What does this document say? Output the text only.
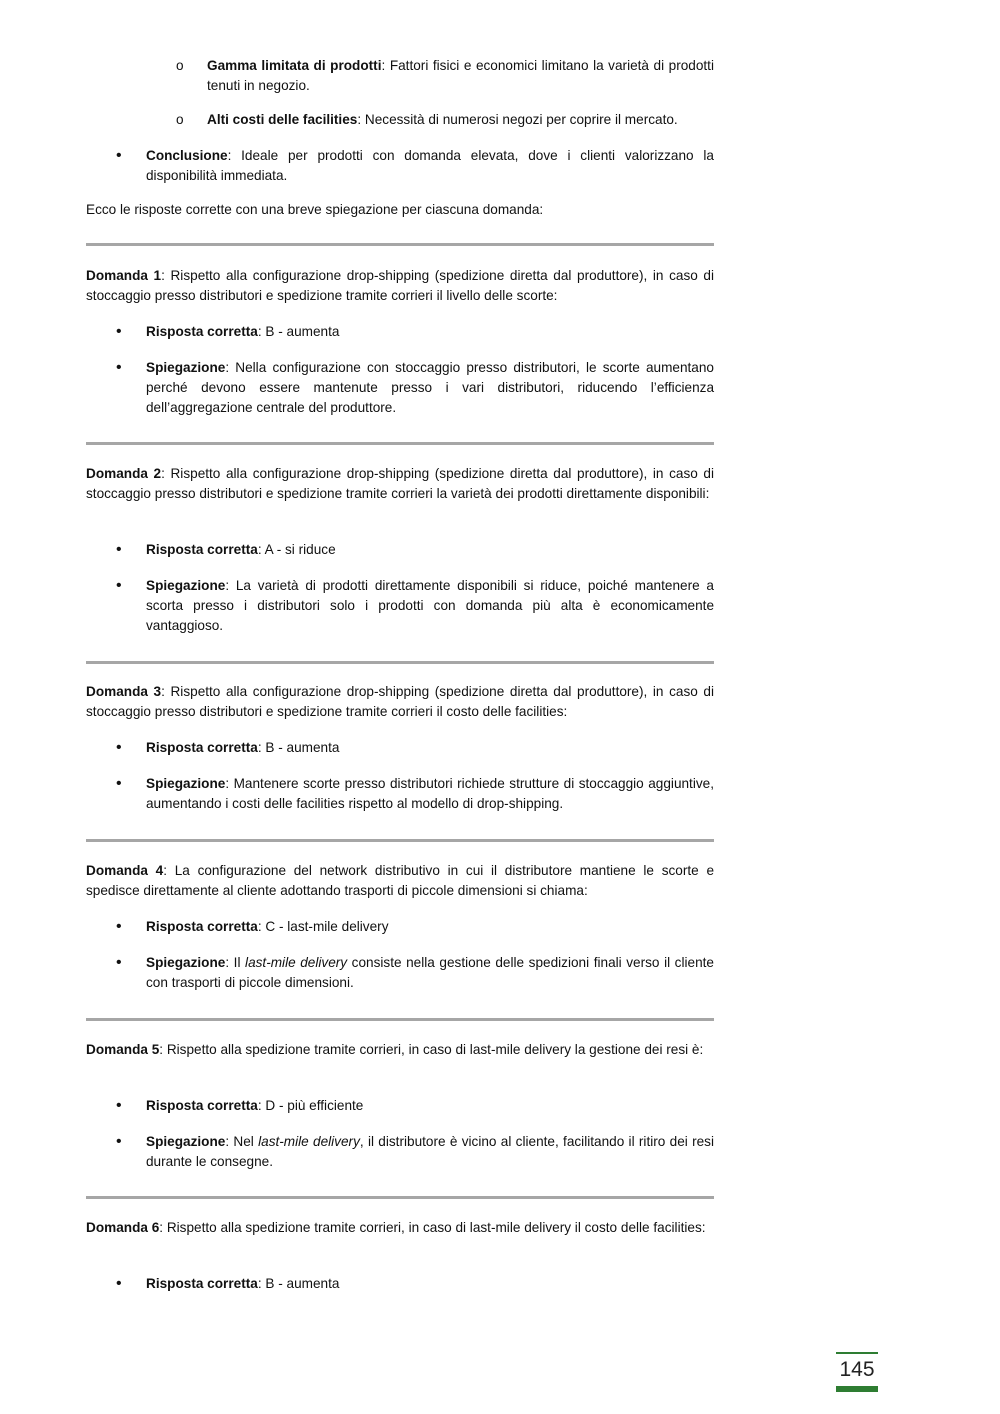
o	Gamma limitata di prodotti: Fattori fisici e economici limitano la varietà di prodotti tenuti in negozio.

o	Alti costi delle facilities: Necessità di numerosi negozi per coprire il mercato.

• Conclusione: Ideale per prodotti con domanda elevata, dove i clienti valorizzano la disponibilità immediata.

Ecco le risposte corrette con una breve spiegazione per ciascuna domanda:

Domanda 1: Rispetto alla configurazione drop-shipping (spedizione diretta dal produttore), in caso di stoccaggio presso distributori e spedizione tramite corrieri il livello delle scorte:

• Risposta corretta: B - aumenta

• Spiegazione: Nella configurazione con stoccaggio presso distributori, le scorte aumentano perché devono essere mantenute presso i vari distributori, riducendo l’efficienza dell’aggregazione centrale del produttore.

Domanda 2: Rispetto alla configurazione drop-shipping (spedizione diretta dal produttore), in caso di stoccaggio presso distributori e spedizione tramite corrieri la varietà dei prodotti direttamente disponibili:

• Risposta corretta: A - si riduce

• Spiegazione: La varietà di prodotti direttamente disponibili si riduce, poiché mantenere a scorta presso i distributori solo i prodotti con domanda più alta è economicamente vantaggioso.

Domanda 3: Rispetto alla configurazione drop-shipping (spedizione diretta dal produttore), in caso di stoccaggio presso distributori e spedizione tramite corrieri il costo delle facilities:

• Risposta corretta: B - aumenta

• Spiegazione: Mantenere scorte presso distributori richiede strutture di stoccaggio aggiuntive, aumentando i costi delle facilities rispetto al modello di drop-shipping.

Domanda 4: La configurazione del network distributivo in cui il distributore mantiene le scorte e spedisce direttamente al cliente adottando trasporti di piccole dimensioni si chiama:

• Risposta corretta: C - last-mile delivery

• Spiegazione: Il last-mile delivery consiste nella gestione delle spedizioni finali verso il cliente con trasporti di piccole dimensioni.

Domanda 5: Rispetto alla spedizione tramite corrieri, in caso di last-mile delivery la gestione dei resi è:

• Risposta corretta: D - più efficiente

• Spiegazione: Nel last-mile delivery, il distributore è vicino al cliente, facilitando il ritiro dei resi durante le consegne.

Domanda 6: Rispetto alla spedizione tramite corrieri, in caso di last-mile delivery il costo delle facilities:

• Risposta corretta: B - aumenta

145
